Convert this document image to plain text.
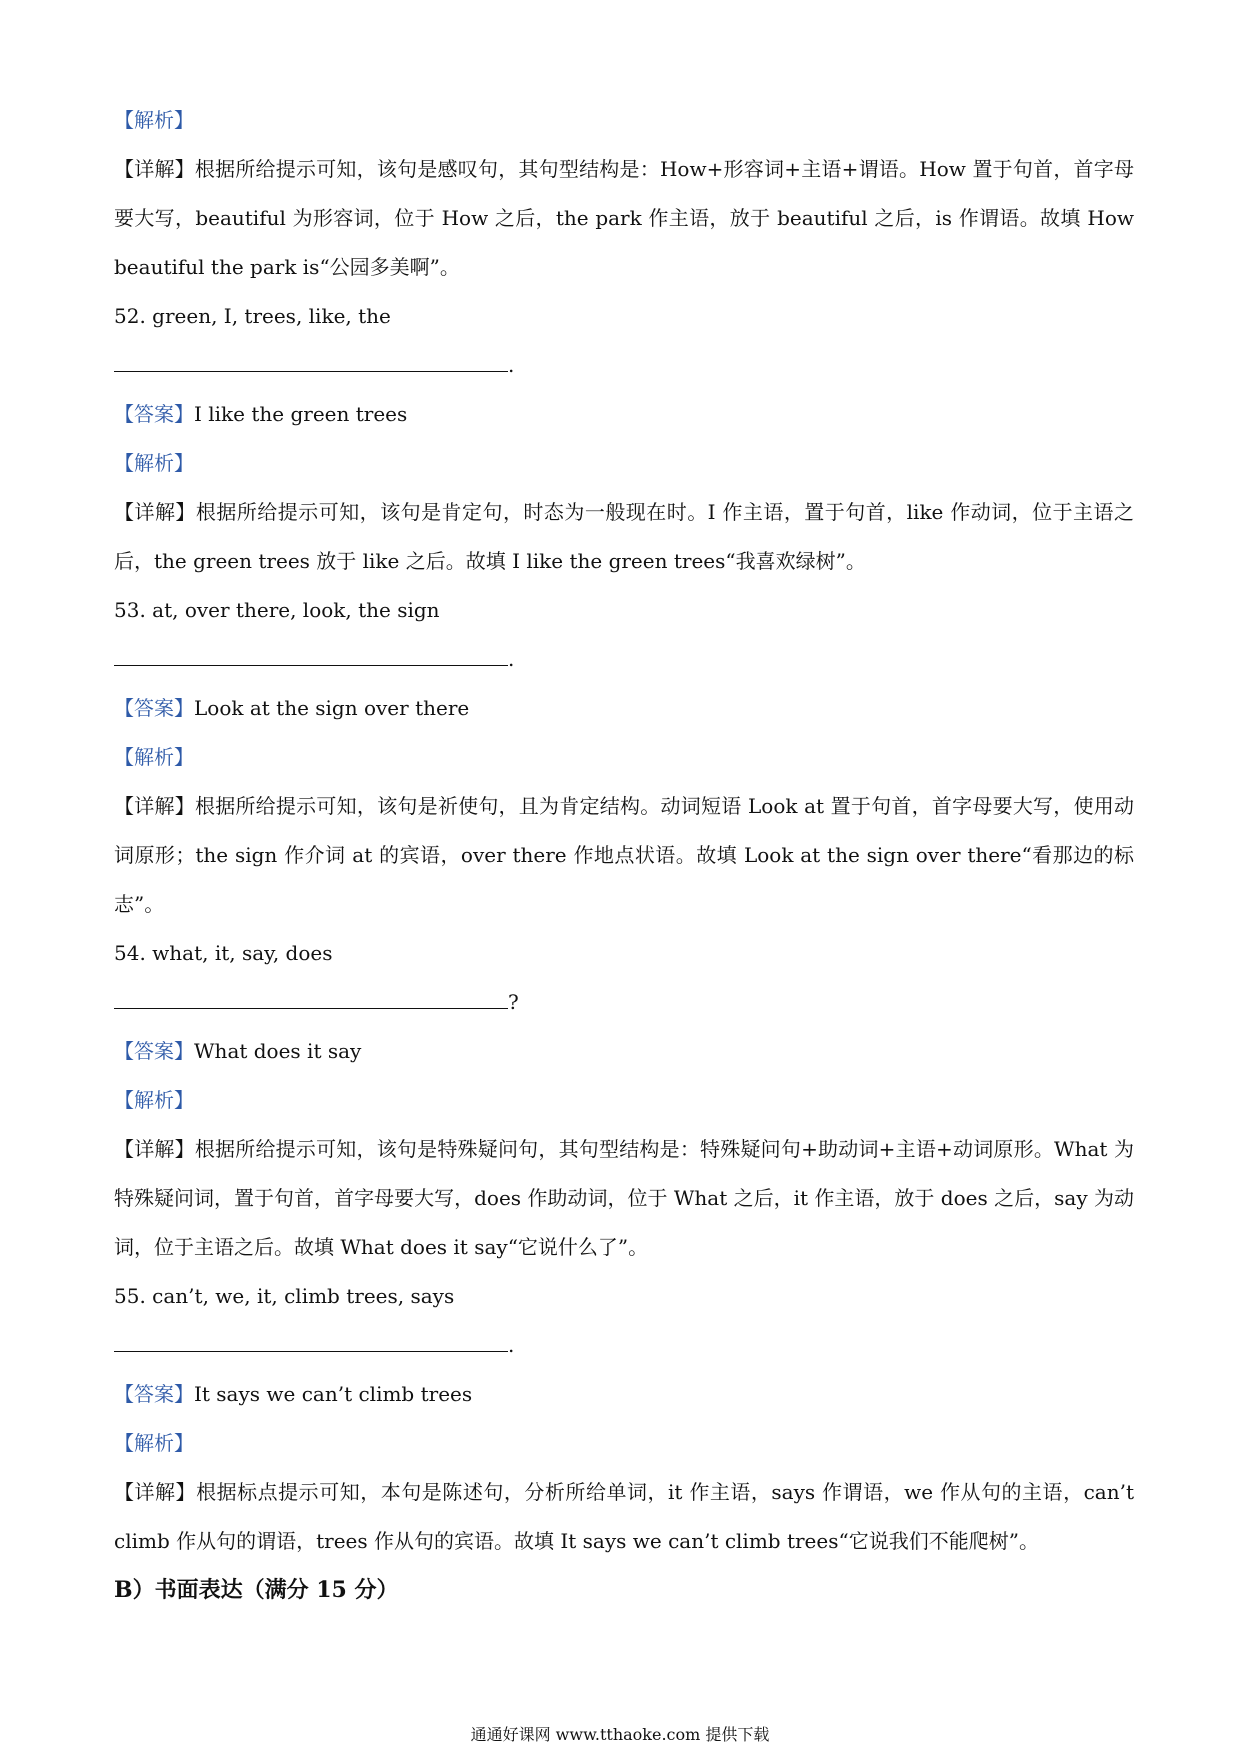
【解析】

【详解】根据所给提示可知，该句是感叹句，其句型结构是：How+形容词+主语+谓语。How 置于句首，首字母要大写，beautiful 为形容词，位于 How 之后，the park 作主语，放于 beautiful 之后，is 作谓语。故填 How beautiful the park is“公园多美啊”。

52. green, I, trees, like, the

.

【答案】I like the green trees

【解析】

【详解】根据所给提示可知，该句是肯定句，时态为一般现在时。I 作主语，置于句首，like 作动词，位于主语之后，the green trees 放于 like 之后。故填 I like the green trees“我喜欢绿树”。

53. at, over there, look, the sign

.

【答案】Look at the sign over there

【解析】

【详解】根据所给提示可知，该句是祈使句，且为肯定结构。动词短语 Look at 置于句首，首字母要大写，使用动词原形；the sign 作介词 at 的宾语，over there 作地点状语。故填 Look at the sign over there“看那边的标志”。

54. what, it, say, does

?

【答案】What does it say

【解析】

【详解】根据所给提示可知，该句是特殊疑问句，其句型结构是：特殊疑问句+助动词+主语+动词原形。What 为特殊疑问词，置于句首，首字母要大写，does 作助动词，位于 What 之后，it 作主语，放于 does 之后，say 为动词，位于主语之后。故填 What does it say“它说什么了”。

55. can’t, we, it, climb trees, says

.

【答案】It says we can’t climb trees

【解析】

【详解】根据标点提示可知，本句是陈述句，分析所给单词，it 作主语，says 作谓语，we 作从句的主语，can’t climb 作从句的谓语，trees 作从句的宾语。故填 It says we can’t climb trees“它说我们不能爬树”。

B）书面表达（满分 15 分）

通通好课网 www.tthaoke.com 提供下载
